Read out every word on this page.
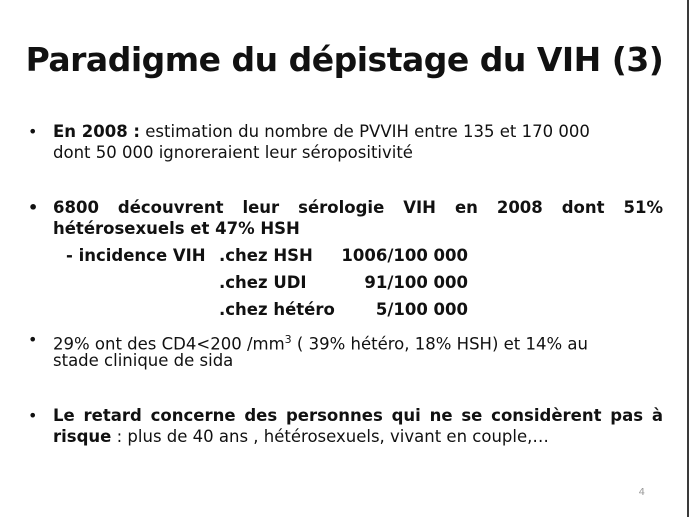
Paradigme du dépistage du VIH (3)
• En 2008 : estimation du nombre de PVVIH entre 135 et 170 000
dont 50 000 ignoreraient leur séropositivité
• 6800 découvrent leur sérologie VIH en 2008 dont 51%
hétérosexuels et 47% HSH
- incidence VIH .chez HSH 1006/100 000
.chez UDI	91/100 000
.chez hétéro 5/100 000
• 29% ont des CD4<200 $/mm^3$ ( 39% hétéro, 18% HSH) et 14% au
stade clinique de sida
• Le retard concerne des personnes qui ne se considèrent pas à
risque : plus de 40 ans , hétérosexuels, vivant en couple,…
4
